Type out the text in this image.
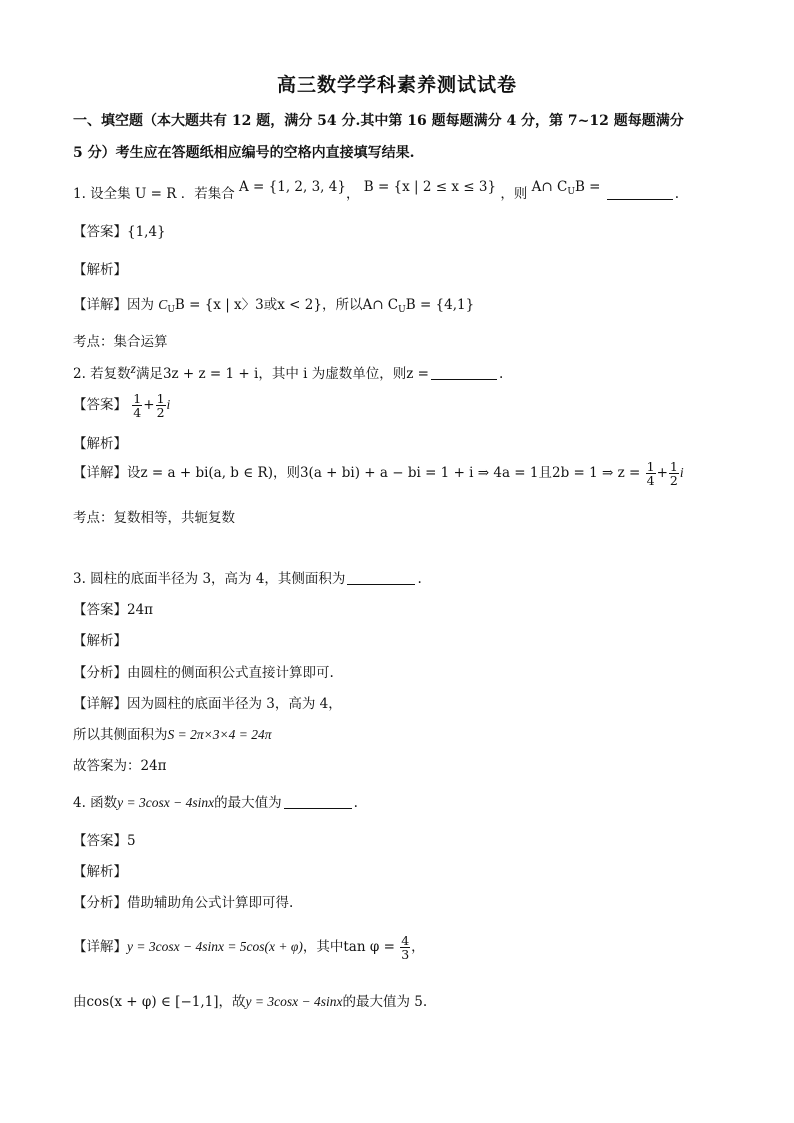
高三数学学科素养测试试卷
一、填空题（本大题共有 12 题，满分 54 分.其中第 16 题每题满分 4 分，第 7~12 题每题满分
5 分）考生应在答题纸相应编号的空格内直接填写结果.
1. 设全集 U = R ．若集合 A = {1, 2, 3, 4}， B = {x | 2 ≤ x ≤ 3} ，则 A∩ $C_UB$ =	.
【答案】{1,4}
【解析】
【详解】因为 $C_UB = \{x$ | x〉3或x < 2}，所以A∩ $C_UB = \{4,1\}$
考点：集合运算
2. 若复数z满足3z + z = 1 + i，其中 i 为虚数单位，则z =	.
【答案】 $\frac{1}{4} + \frac{1}{2}$ i
【解析】
【详解】设z = a + bi(a, b ∈ R)，则3(a + bi) + a − bi = 1 + i ⇒ 4a = 1且2b = 1 ⇒ $z = \frac{1}{4} + \frac{1}{2}$ i
考点：复数相等，共轭复数
3. 圆柱的底面半径为 3，高为 4，其侧面积为	.
【答案】24π
【解析】
【分析】由圆柱的侧面积公式直接计算即可.
【详解】因为圆柱的底面半径为 3，高为 4，
所以其侧面积为S = 2π×3×4 = 24π
故答案为：24π
4. 函数y = 3cosx − 4sinx的最大值为	.
【答案】5
【解析】
【分析】借助辅助角公式计算即可得.
【详解】y = 3cosx − 4sinx = 5cos(x + φ)，其中$\tan \varphi = \frac{4}{3}$ ，
由cos(x + φ) ∈ [−1,1]，故y = 3cosx − 4sinx的最大值为 5.
